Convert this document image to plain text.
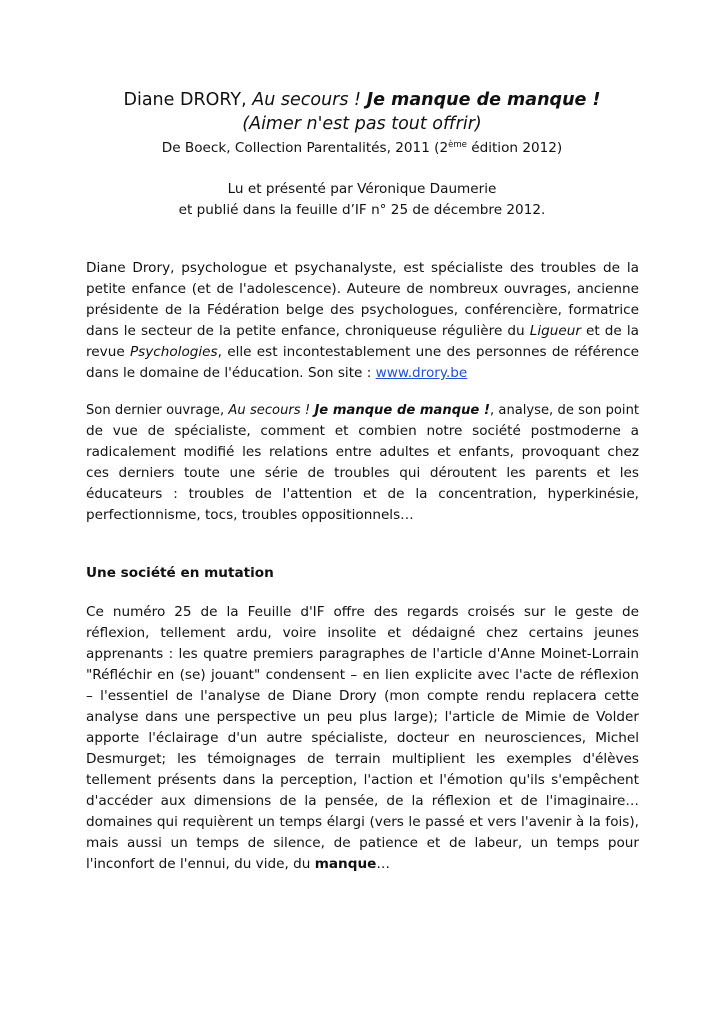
Diane DRORY, Au secours ! Je manque de manque !
(Aimer n'est pas tout offrir)
De Boeck, Collection Parentalités, 2011 (2ème édition 2012)
Lu et présenté par Véronique Daumerie
et publié dans la feuille d’IF n° 25 de décembre 2012.
Diane Drory, psychologue et psychanalyste, est spécialiste des troubles de la
petite enfance (et de l'adolescence). Auteure de nombreux ouvrages, ancienne
présidente de la Fédération belge des psychologues, conférencière, formatrice
dans le secteur de la petite enfance, chroniqueuse régulière du Ligueur et de la
revue Psychologies, elle est incontestablement une des personnes de référence
dans le domaine de l'éducation. Son site : www.drory.be
Son dernier ouvrage, Au secours ! Je manque de manque !, analyse, de son point
de vue de spécialiste, comment et combien notre société postmoderne a
radicalement modifié les relations entre adultes et enfants, provoquant chez
ces derniers toute une série de troubles qui déroutent les parents et les
éducateurs : troubles de l'attention et de la concentration, hyperkinésie,
perfectionnisme, tocs, troubles oppositionnels…
Une société en mutation
Ce numéro 25 de la Feuille d'IF offre des regards croisés sur le geste de
réflexion, tellement ardu, voire insolite et dédaigné chez certains jeunes
apprenants : les quatre premiers paragraphes de l'article d'Anne Moinet-Lorrain
"Réfléchir en (se) jouant" condensent – en lien explicite avec l'acte de réflexion
– l'essentiel de l'analyse de Diane Drory (mon compte rendu replacera cette
analyse dans une perspective un peu plus large); l'article de Mimie de Volder
apporte l'éclairage d'un autre spécialiste, docteur en neurosciences, Michel
Desmurget; les témoignages de terrain multiplient les exemples d'élèves
tellement présents dans la perception, l'action et l'émotion qu'ils s'empêchent
d'accéder aux dimensions de la pensée, de la réflexion et de l'imaginaire…
domaines qui requièrent un temps élargi (vers le passé et vers l'avenir à la fois),
mais aussi un temps de silence, de patience et de labeur, un temps pour
l'inconfort de l'ennui, du vide, du manque…
